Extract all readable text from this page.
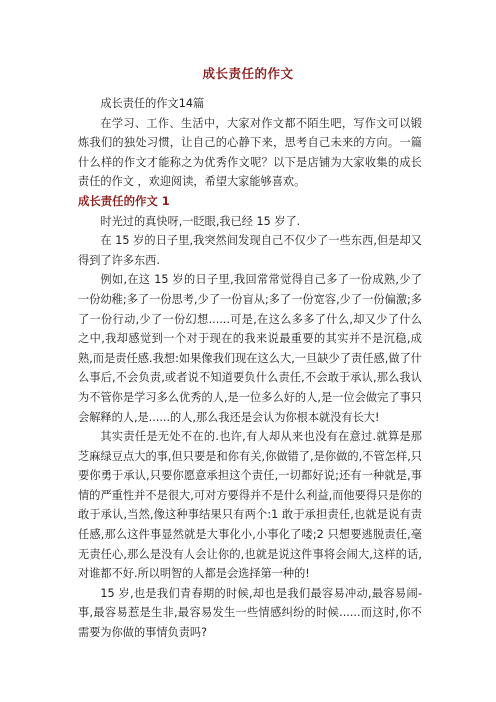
成长责任的作文

成长责任的作文14篇

在学习、工作、生活中，大家对作文都不陌生吧，写作文可以锻炼我们的独处习惯，让自己的心静下来，思考自己未来的方向。一篇什么样的作文才能称之为优秀作文呢？以下是店铺为大家收集的成长责任的作文 ，欢迎阅读，希望大家能够喜欢。

成长责任的作文 1

时光过的真快呀,一眨眼,我已经 15 岁了.

在 15 岁的日子里,我突然间发现自己不仅少了一些东西,但是却又得到了许多东西.

例如,在这 15 岁的日子里,我回常常觉得自己多了一份成熟,少了一份幼稚;多了一份思考,少了一份盲从;多了一份宽容,少了一份偏激;多了一份行动,少了一份幻想......可是,在这么多多了什么,却又少了什么之中,我却感觉到一个对于现在的我来说最重要的其实并不是沉稳,成熟,而是责任感.我想:如果像我们现在这么大,一旦缺少了责任感,做了什么事后,不会负责,或者说不知道要负什么责任,不会敢于承认,那么我认为不管你是学习多么优秀的人,是一位多么好的人,是一位会做完了事只会解释的人,是......的人,那么我还是会认为你根本就没有长大!

其实责任是无处不在的.也许,有人却从来也没有在意过.就算是那芝麻绿豆点大的事,但只要是和你有关,你做错了,是你做的,不管怎样,只要你勇于承认,只要你愿意承担这个责任,一切都好说;还有一种就是,事情的严重性并不是很大,可对方要得并不是什么利益,而他要得只是你的敢于承认,当然,像这种事结果只有两个:1 敢于承担责任,也就是说有责任感,那么这件事显然就是大事化小,小事化了喽;2 只想要逃脱责任,毫无责任心,那么是没有人会让你的,也就是说这件事将会闹大,这样的话,对谁都不好.所以明智的人都是会选择第一种的!

15 岁,也是我们青春期的时候,却也是我们最容易冲动,最容易闹-事,最容易惹是生非,最容易发生一些情感纠纷的时候......而这时,你不需要为你做的事情负责吗?
